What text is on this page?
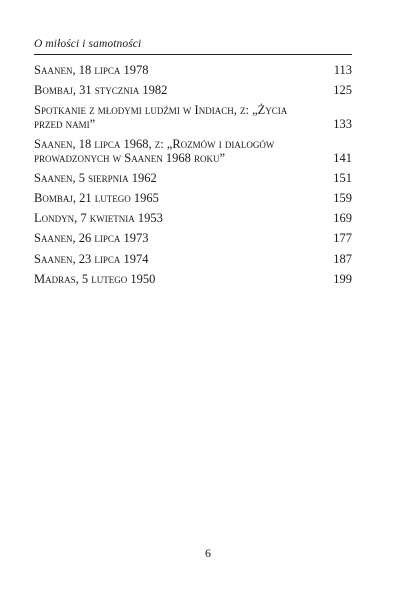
O miłości i samotności
Saanen, 18 lipca 1978	113
Bombaj, 31 stycznia 1982	125
Spotkanie z młodymi ludźmi w Indiach, z: „Życia przed nami”	133
Saanen, 18 lipca 1968, z: „Rozmów i dialogów prowadzonych w Saanen 1968 roku”	141
Saanen, 5 sierpnia 1962	151
Bombaj, 21 lutego 1965	159
Londyn, 7 kwietnia 1953	169
Saanen, 26 lipca 1973	177
Saanen, 23 lipca 1974	187
Madras, 5 lutego 1950	199
6
